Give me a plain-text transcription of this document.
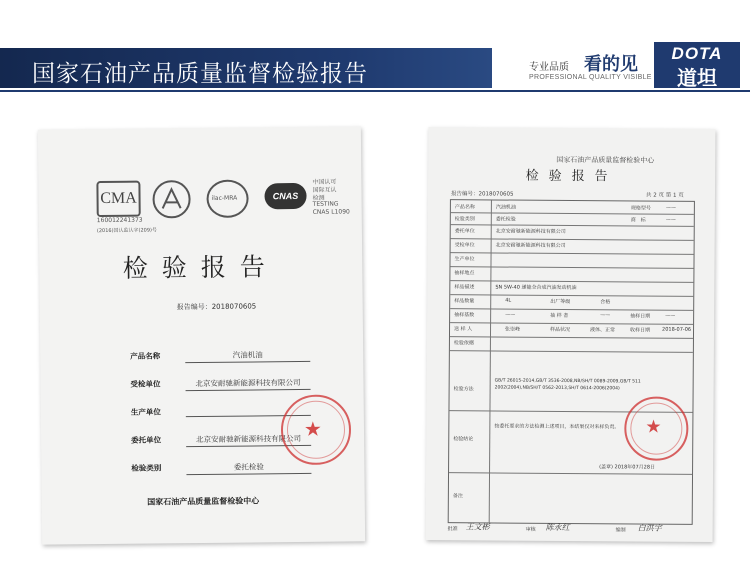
国家石油产品质量监督检验报告	专业品质 看的见
PROFESSIONAL QUALITY VISIBLE
DOTA
道坦
CMA
160012241373
ilac-MRA	CNAS
中国认可
国际互认
检测
TESTING
CNAS L1090
(2016)国认监认字(209)号
检验报告
报告编号：2018070605
产品名称	汽油机油
受检单位	北京安耐驰新能源科技有限公司
生产单位
委托单位	北京安耐驰新能源科技有限公司
检验类别	委托检验
★
国家石油产品质量监督检验中心
国家石油产品质量监督检验中心
检验报告
报告编号：2018070605	共 2 页 第 1 页
产品名称	汽油机油	规格型号	——
检验类别	委托检验	商　标	——
委托单位	北京安耐驰新能源科技有限公司
受检单位	北京安耐驰新能源科技有限公司
生产单位
抽样地点
样品描述	SN 5W-40 递能全合成汽油发动机油
样品数量	4L	出厂等级	合格
抽样基数	——	抽 样 者	——	抽样日期	——
送 样 人	张崇峰	样品状况	液体、正常	收样日期 2018-07-06
检验依据
检验方法
GB/T 26015-2014,GB/T 3536-2008,NB/SH/T 0089-2009,GB/T 511
2002(2004),NB/SH/T 0562-2013,SH/T 0614-2006(2004)
检验结论
按委托要求的方法检测上述项目，本结果仅对来样负责。
(盖章) 2018年07月28日
备注
★
批准 王文彬	审核 陈永红	编制 白洪宇
